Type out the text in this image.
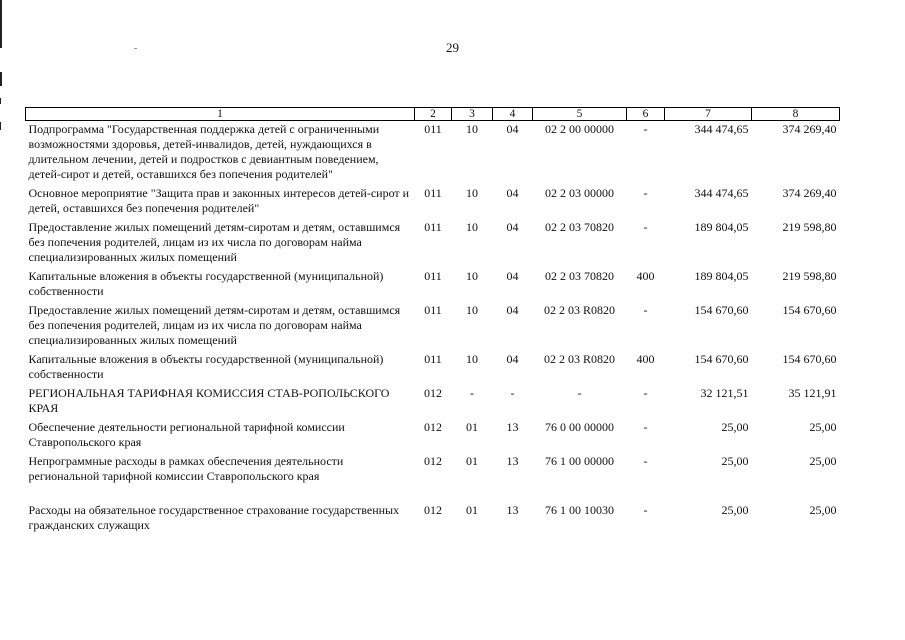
29
1	2	3	4	5	6	7	8
Подпрограмма "Государственная поддержка детей с ограниченными возможностями здоровья, детей-инвалидов, детей, нуждающихся в длительном лечении, детей и подростков с девиантным поведением, детей-сирот и детей, оставшихся без попечения родителей"	011	10	04	02 2 00 00000	-	344 474,65	374 269,40
Основное мероприятие "Защита прав и законных интересов детей-сирот и детей, оставшихся без попечения родителей"	011	10	04	02 2 03 00000	-	344 474,65	374 269,40
Предоставление жилых помещений детям-сиротам и детям, оставшимся без попечения родителей, лицам из их числа по договорам найма специализированных жилых помещений	011	10	04	02 2 03 70820	-	189 804,05	219 598,80
Капитальные вложения в объекты государственной (муниципальной) собственности	011	10	04	02 2 03 70820	400	189 804,05	219 598,80
Предоставление жилых помещений детям-сиротам и детям, оставшимся без попечения родителей, лицам из их числа по договорам найма специализированных жилых помещений	011	10	04	02 2 03 R0820	-	154 670,60	154 670,60
Капитальные вложения в объекты государственной (муниципальной) собственности	011	10	04	02 2 03 R0820	400	154 670,60	154 670,60
РЕГИОНАЛЬНАЯ ТАРИФНАЯ КОМИССИЯ СТАВ-РОПОЛЬСКОГО КРАЯ	012	-	-	-	-	32 121,51	35 121,91
Обеспечение деятельности региональной тарифной комиссии Ставропольского края	012	01	13	76 0 00 00000	-	25,00	25,00
Непрограммные расходы в рамках обеспечения деятельности региональной тарифной комиссии Ставропольского края	012	01	13	76 1 00 00000	-	25,00	25,00
Расходы на обязательное государственное страхование государственных гражданских служащих	012	01	13	76 1 00 10030	-	25,00	25,00
